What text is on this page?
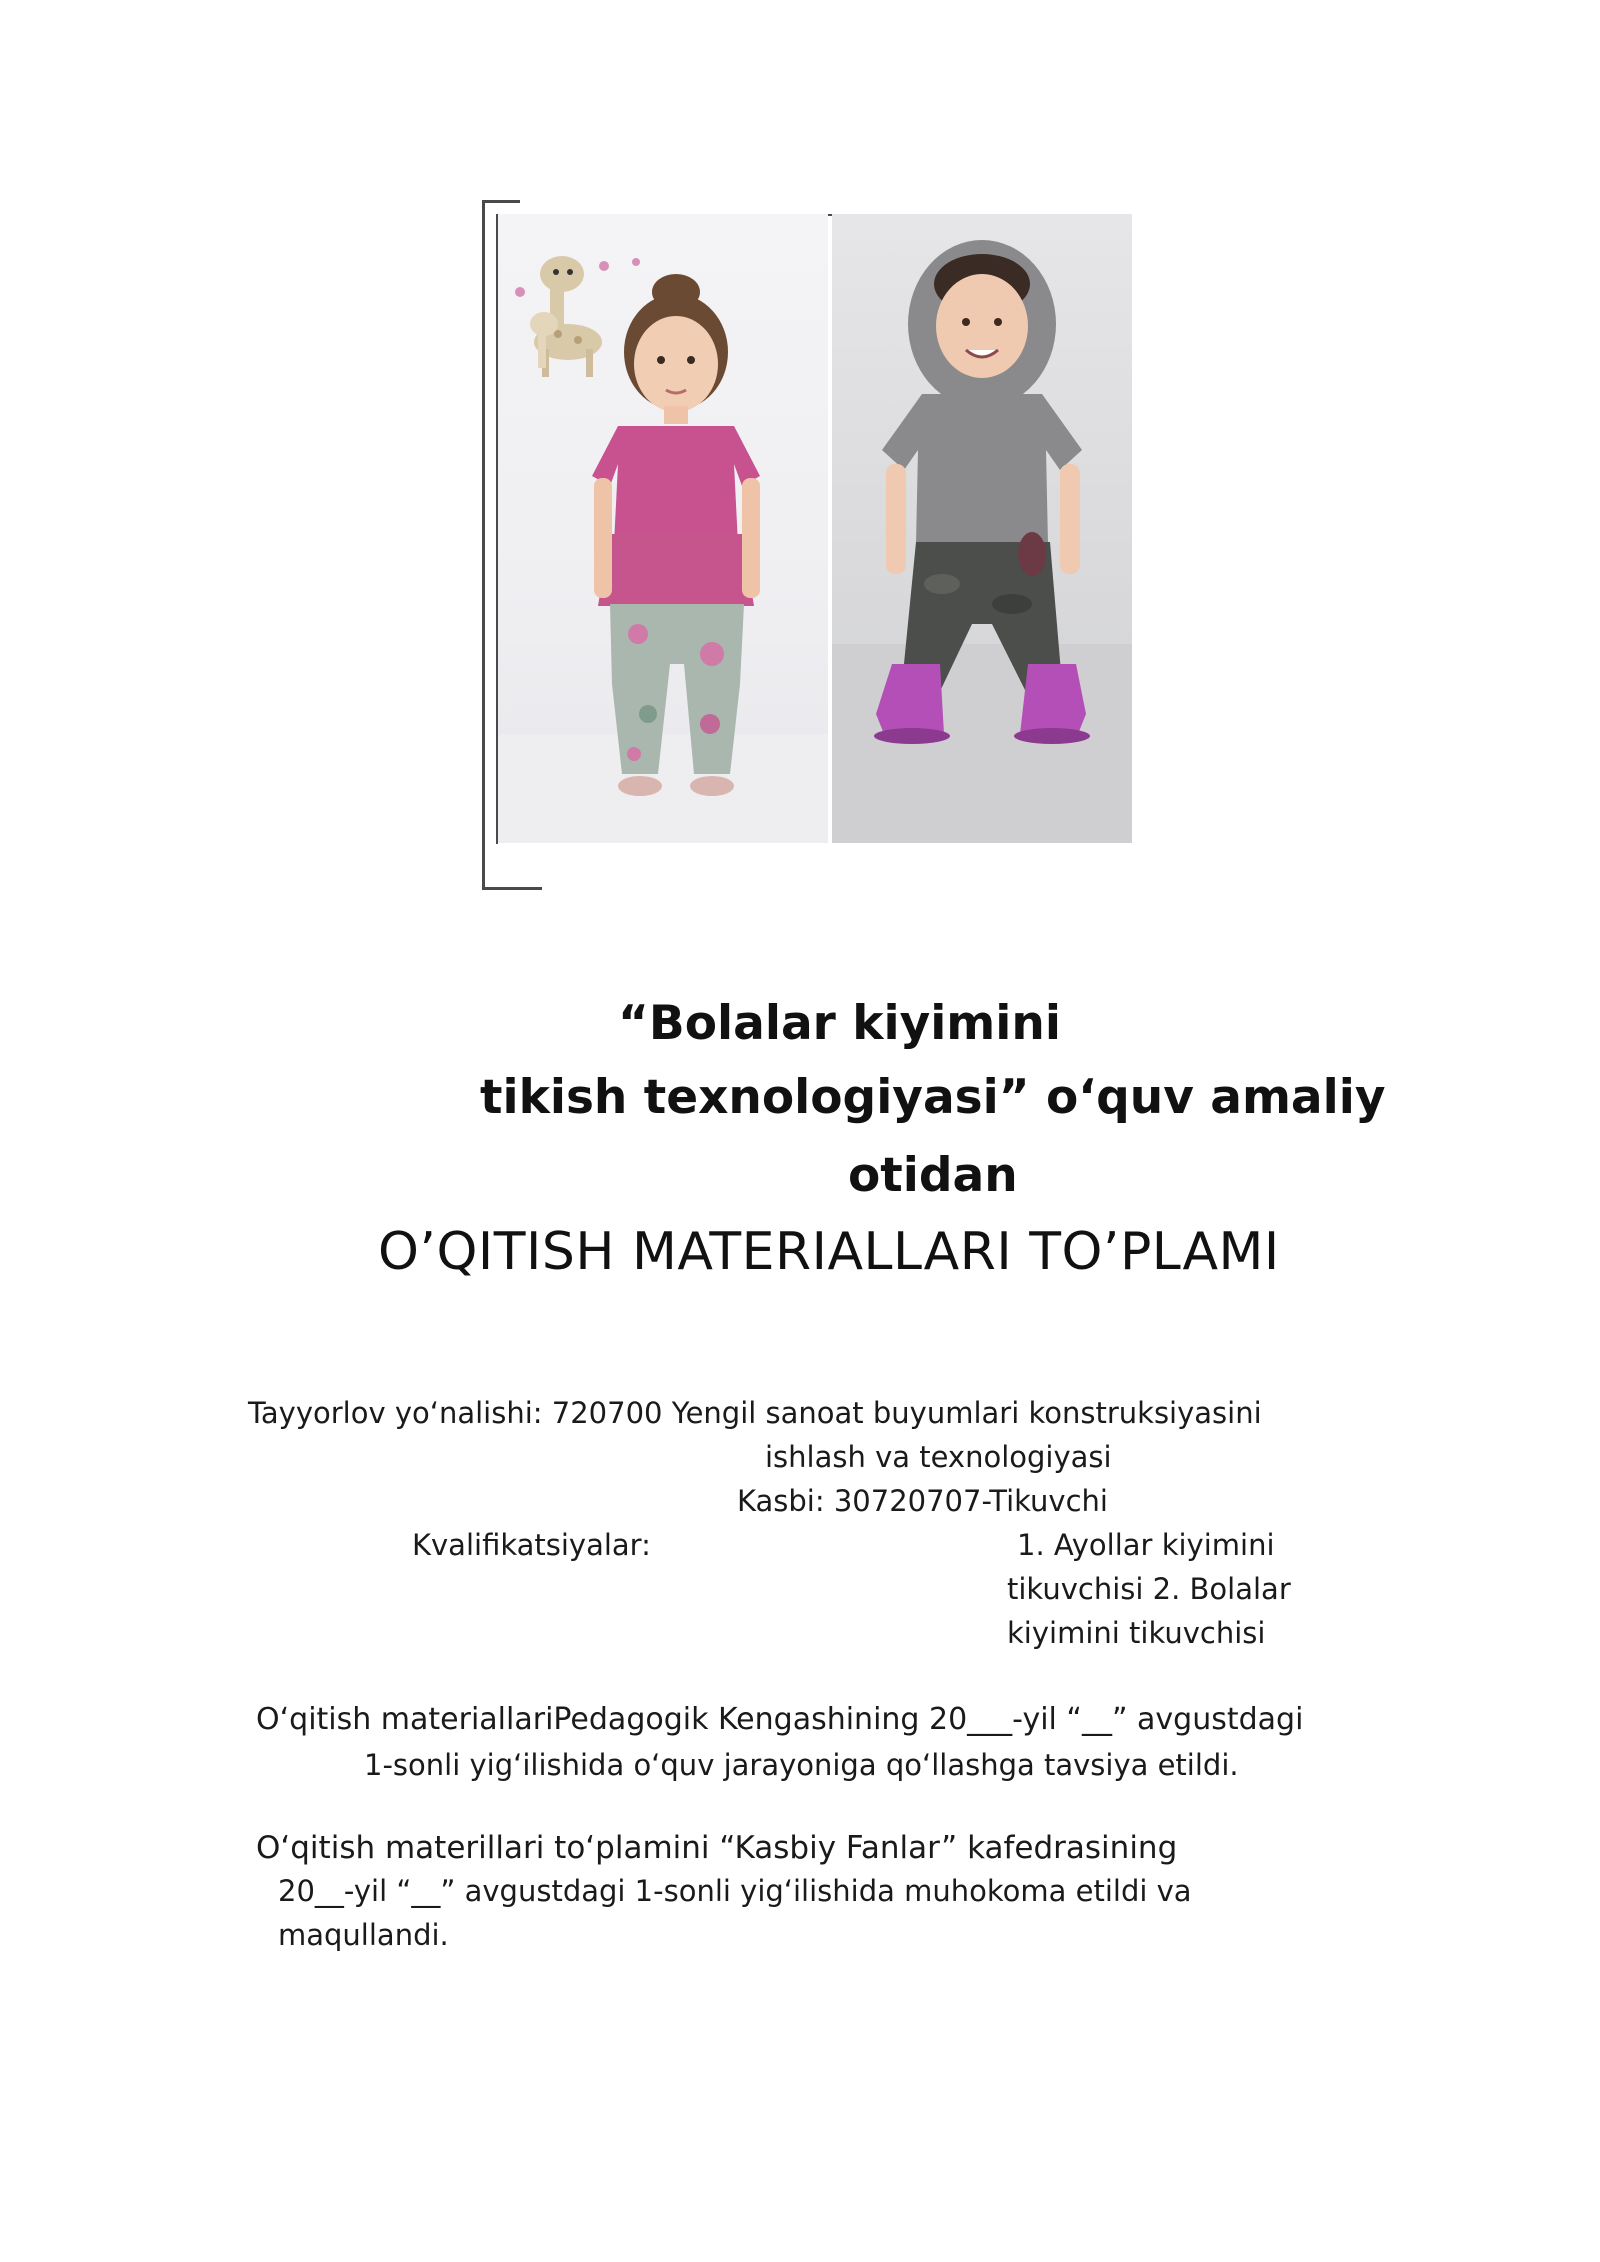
“Bolalar kiyimini
tikish texnologiyasi” o‘quv amaliy
otidan
O’QITISH MATERIALLARI TO’PLAMI
Tayyorlov yo‘nalishi: 720700 Yengil sanoat buyumlari konstruksiyasini
ishlash va texnologiyasi
Kasbi: 30720707-Tikuvchi
Kvalifikatsiyalar:	1. Ayollar kiyimini
tikuvchisi 2. Bolalar
kiyimini tikuvchisi
O‘qitish materiallariPedagogik Kengashining 20___-yil “__” avgustdagi
1-sonli yig‘ilishida o‘quv jarayoniga qo‘llashga tavsiya etildi.
O‘qitish materillari to‘plamini “Kasbiy Fanlar” kafedrasining
20__-yil “__” avgustdagi 1-sonli yig‘ilishida muhokoma etildi va
maqullandi.
